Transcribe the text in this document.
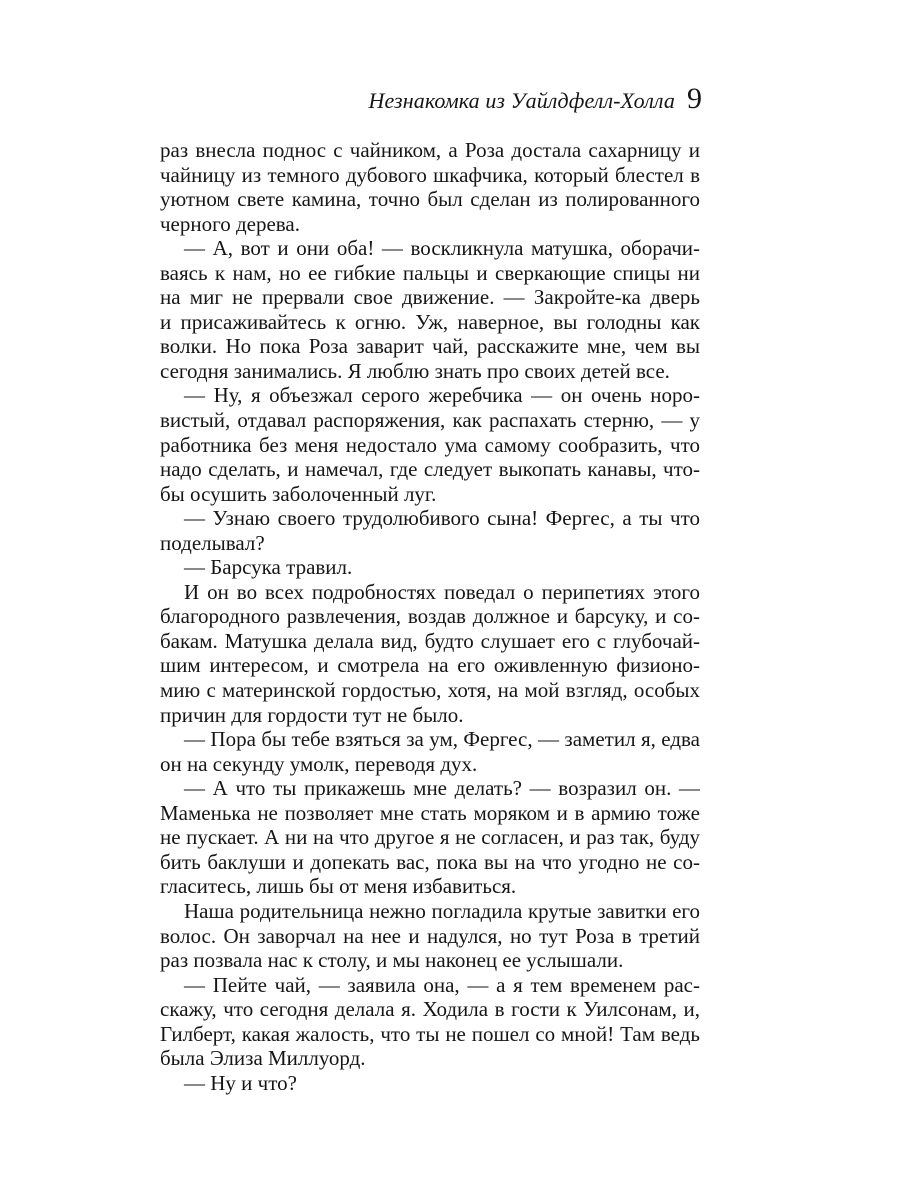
Незнакомка из Уайлдфелл-Холла 9
раз внесла поднос с чайником, а Роза достала сахарницу и
чайницу из темного дубового шкафчика, который блестел в
уютном свете камина, точно был сделан из полированного
черного дерева.
— А, вот и они оба! — воскликнула матушка, оборачи-
ваясь к нам, но ее гибкие пальцы и сверкающие спицы ни
на миг не прервали свое движение. — Закройте-ка дверь
и присаживайтесь к огню. Уж, наверное, вы голодны как
волки. Но пока Роза заварит чай, расскажите мне, чем вы
сегодня занимались. Я люблю знать про своих детей все.
— Ну, я объезжал серого жеребчика — он очень норо-
вистый, отдавал распоряжения, как распахать стерню, — у
работника без меня недостало ума самому сообразить, что
надо сделать, и намечал, где следует выкопать канавы, что-
бы осушить заболоченный луг.
— Узнаю своего трудолюбивого сына! Фергес, а ты что
поделывал?
— Барсука травил.
И он во всех подробностях поведал о перипетиях этого
благородного развлечения, воздав должное и барсуку, и со-
бакам. Матушка делала вид, будто слушает его с глубочай-
шим интересом, и смотрела на его оживленную физионо-
мию с материнской гордостью, хотя, на мой взгляд, особых
причин для гордости тут не было.
— Пора бы тебе взяться за ум, Фергес, — заметил я, едва
он на секунду умолк, переводя дух.
— А что ты прикажешь мне делать? — возразил он. —
Маменька не позволяет мне стать моряком и в армию тоже
не пускает. А ни на что другое я не согласен, и раз так, буду
бить баклуши и допекать вас, пока вы на что угодно не со-
гласитесь, лишь бы от меня избавиться.
Наша родительница нежно погладила крутые завитки его
волос. Он заворчал на нее и надулся, но тут Роза в третий
раз позвала нас к столу, и мы наконец ее услышали.
— Пейте чай, — заявила она, — а я тем временем рас-
скажу, что сегодня делала я. Ходила в гости к Уилсонам, и,
Гилберт, какая жалость, что ты не пошел со мной! Там ведь
была Элиза Миллуорд.
— Ну и что?
